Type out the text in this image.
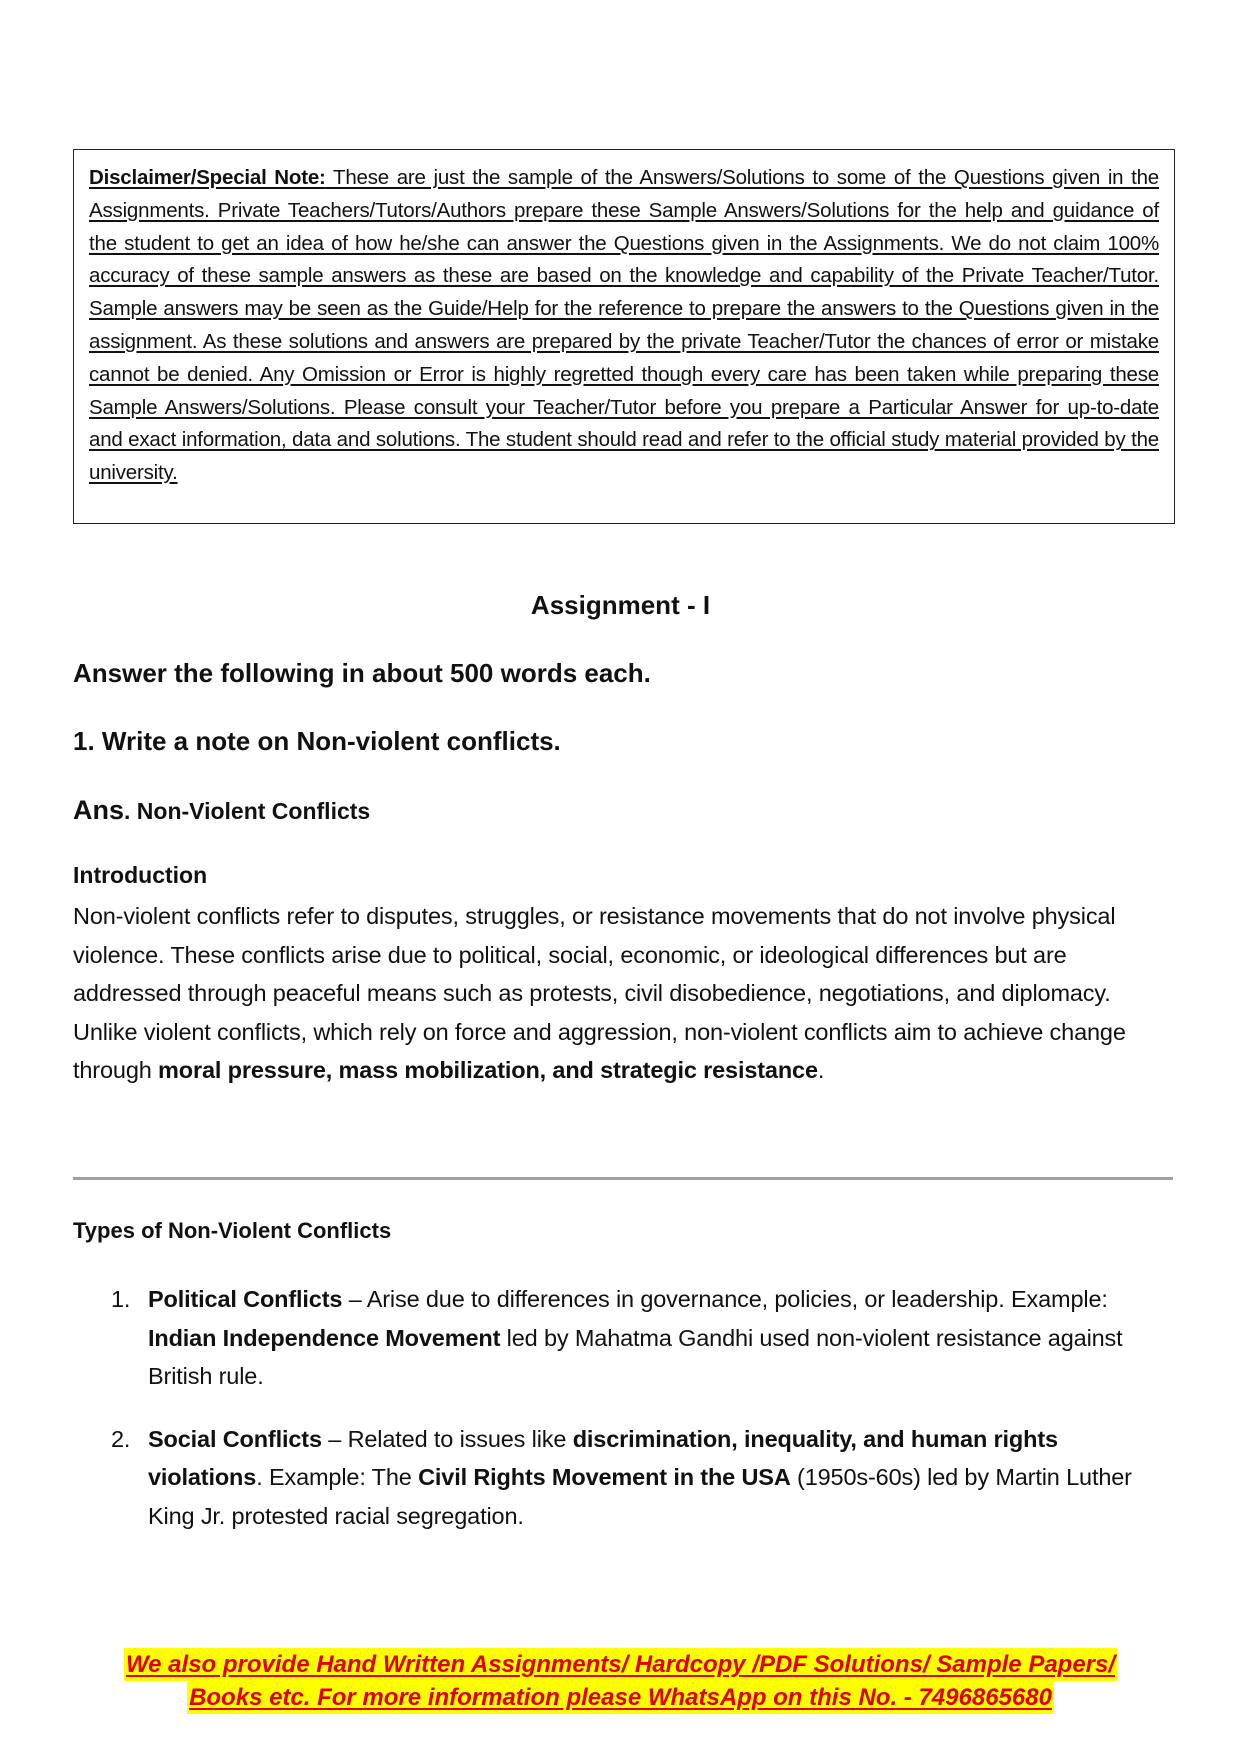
Disclaimer/Special Note: These are just the sample of the Answers/Solutions to some of the Questions given in the Assignments. Private Teachers/Tutors/Authors prepare these Sample Answers/Solutions for the help and guidance of the student to get an idea of how he/she can answer the Questions given in the Assignments. We do not claim 100% accuracy of these sample answers as these are based on the knowledge and capability of the Private Teacher/Tutor. Sample answers may be seen as the Guide/Help for the reference to prepare the answers to the Questions given in the assignment. As these solutions and answers are prepared by the private Teacher/Tutor the chances of error or mistake cannot be denied. Any Omission or Error is highly regretted though every care has been taken while preparing these Sample Answers/Solutions. Please consult your Teacher/Tutor before you prepare a Particular Answer for up-to-date and exact information, data and solutions. The student should read and refer to the official study material provided by the university.

Assignment - I
Answer the following in about 500 words each.
1. Write a note on Non-violent conflicts.
Ans. Non-Violent Conflicts
Introduction

Non-violent conflicts refer to disputes, struggles, or resistance movements that do not involve physical violence. These conflicts arise due to political, social, economic, or ideological differences but are addressed through peaceful means such as protests, civil disobedience, negotiations, and diplomacy. Unlike violent conflicts, which rely on force and aggression, non-violent conflicts aim to achieve change through moral pressure, mass mobilization, and strategic resistance.

Types of Non-Violent Conflicts
1. Political Conflicts – Arise due to differences in governance, policies, or leadership. Example: Indian Independence Movement led by Mahatma Gandhi used non-violent resistance against British rule.
2. Social Conflicts – Related to issues like discrimination, inequality, and human rights violations. Example: The Civil Rights Movement in the USA (1950s-60s) led by Martin Luther King Jr. protested racial segregation.
We also provide Hand Written Assignments/ Hardcopy /PDF Solutions/ Sample Papers/
Books etc. For more information please WhatsApp on this No. - 7496865680
